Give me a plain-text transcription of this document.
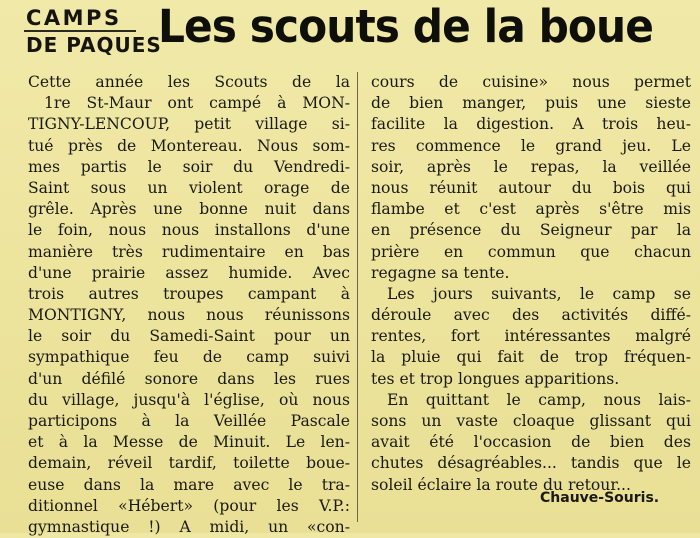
CAMPS
DE PAQUES
Les scouts de la boue
Cette année les Scouts de la
1re St-Maur ont campé à MON-
TIGNY-LENCOUP, petit village si-
tué près de Montereau. Nous som-
mes partis le soir du Vendredi-
Saint sous un violent orage de
grêle. Après une bonne nuit dans
le foin, nous nous installons d'une
manière très rudimentaire en bas
d'une prairie assez humide. Avec
trois autres troupes campant à
MONTIGNY, nous nous réunissons
le soir du Samedi-Saint pour un
sympathique feu de camp suivi
d'un défilé sonore dans les rues
du village, jusqu'à l'église, où nous
participons à la Veillée Pascale
et à la Messe de Minuit. Le len-
demain, réveil tardif, toilette boue-
euse dans la mare avec le tra-
ditionnel «Hébert» (pour les V.P.:
gymnastique !) A midi, un «con-
cours de cuisine» nous permet
de bien manger, puis une sieste
facilite la digestion. A trois heu-
res commence le grand jeu. Le
soir, après le repas, la veillée
nous réunit autour du bois qui
flambe et c'est après s'être mis
en présence du Seigneur par la
prière en commun que chacun
regagne sa tente.
Les jours suivants, le camp se
déroule avec des activités diffé-
rentes, fort intéressantes malgré
la pluie qui fait de trop fréquen-
tes et trop longues apparitions.
En quittant le camp, nous lais-
sons un vaste cloaque glissant qui
avait été l'occasion de bien des
chutes désagréables... tandis que le
soleil éclaire la route du retour...
Chauve-Souris.
